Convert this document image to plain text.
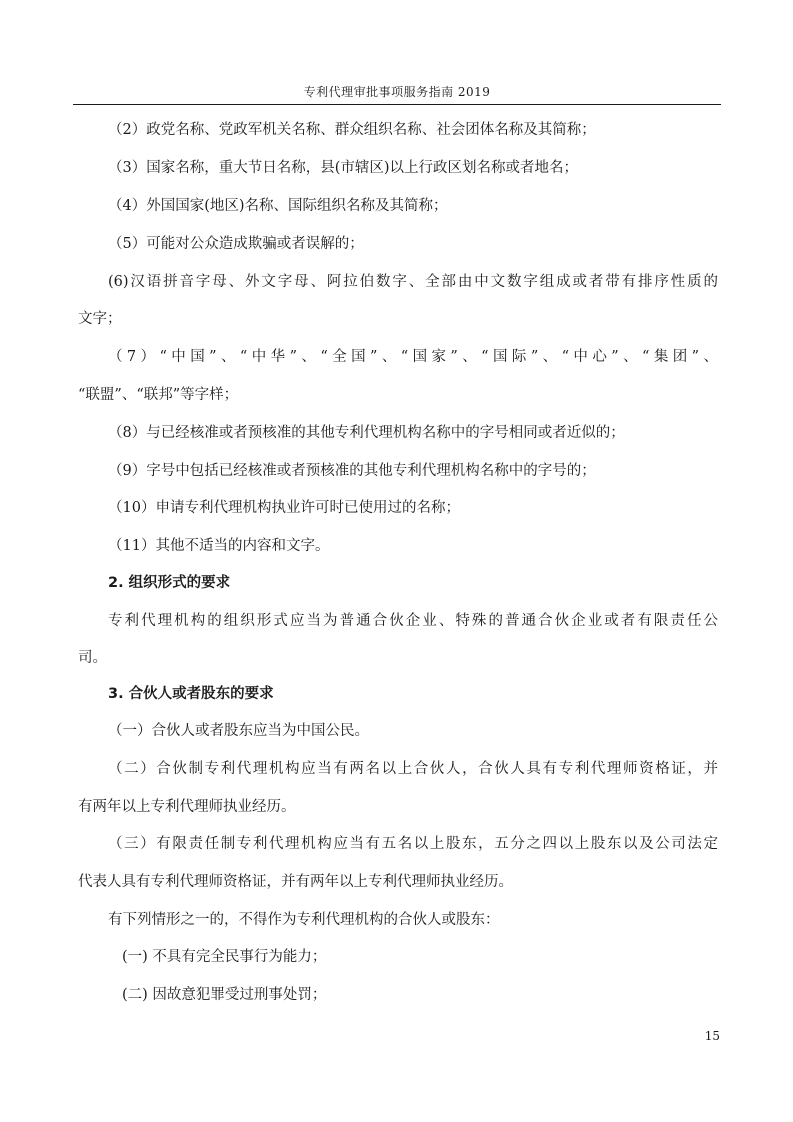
专利代理审批事项服务指南 2019
（2）政党名称、党政军机关名称、群众组织名称、社会团体名称及其简称；
（3）国家名称，重大节日名称，县(市辖区)以上行政区划名称或者地名；
（4）外国国家(地区)名称、国际组织名称及其简称；
（5）可能对公众造成欺骗或者误解的；
(6)汉语拼音字母、外文字母、阿拉伯数字、全部由中文数字组成或者带有排序性质的
文字；
（7）“中国”、“中华”、“全国”、“国家”、“国际”、“中心”、“集团”、
“联盟”、“联邦”等字样；
（8）与已经核准或者预核准的其他专利代理机构名称中的字号相同或者近似的；
（9）字号中包括已经核准或者预核准的其他专利代理机构名称中的字号的；
（10）申请专利代理机构执业许可时已使用过的名称；
（11）其他不适当的内容和文字。
2. 组织形式的要求
专利代理机构的组织形式应当为普通合伙企业、特殊的普通合伙企业或者有限责任公
司。
3. 合伙人或者股东的要求
（一）合伙人或者股东应当为中国公民。
（二）合伙制专利代理机构应当有两名以上合伙人，合伙人具有专利代理师资格证，并
有两年以上专利代理师执业经历。
（三）有限责任制专利代理机构应当有五名以上股东，五分之四以上股东以及公司法定
代表人具有专利代理师资格证，并有两年以上专利代理师执业经历。
有下列情形之一的，不得作为专利代理机构的合伙人或股东：
(一) 不具有完全民事行为能力；
(二) 因故意犯罪受过刑事处罚；
15
